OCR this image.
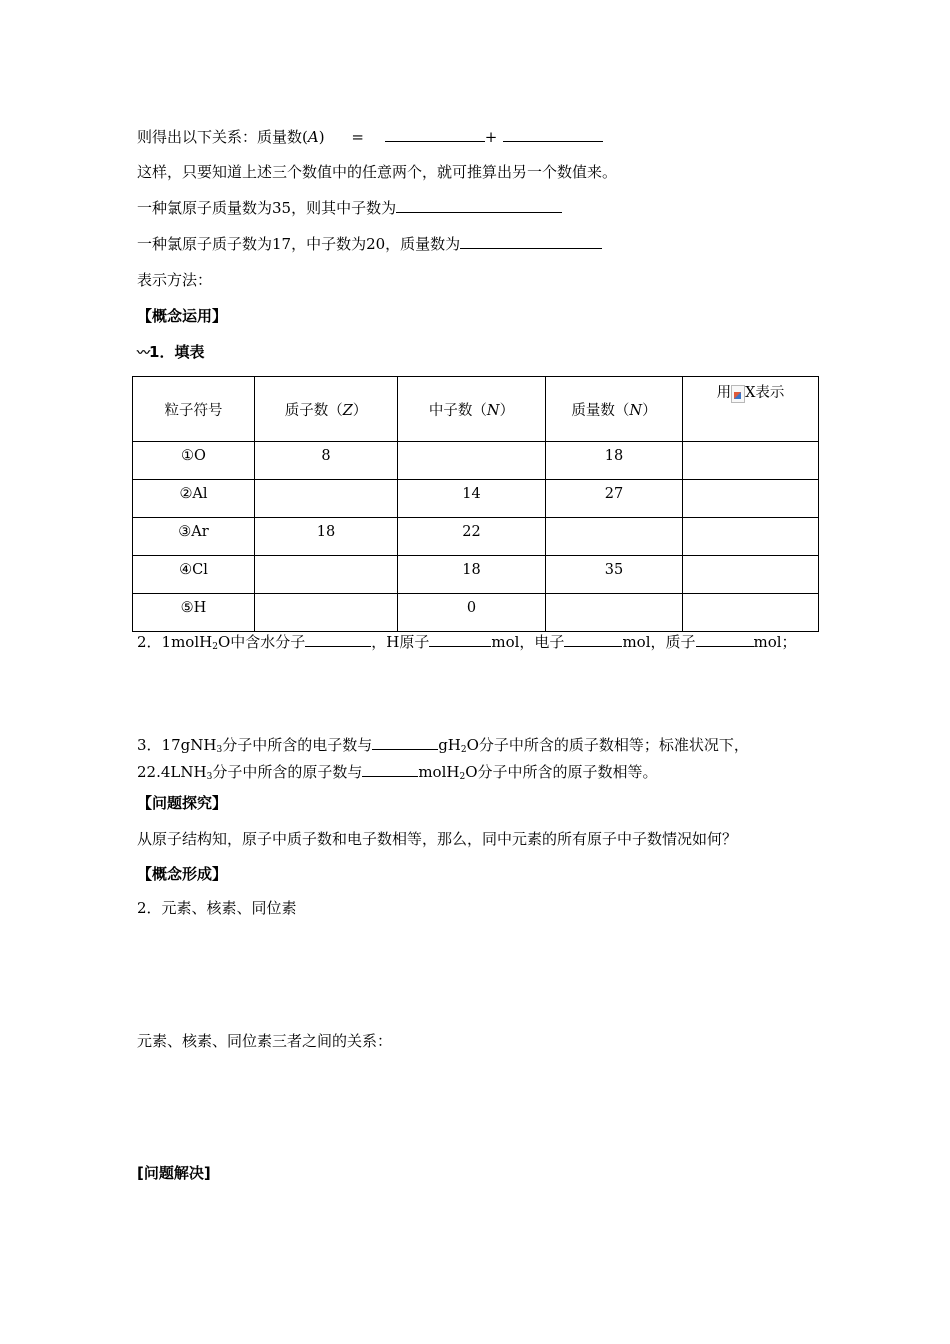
则得出以下关系：质量数(A) =	+
这样，只要知道上述三个数值中的任意两个，就可推算出另一个数值来。
一种氯原子质量数为35，则其中子数为
一种氯原子质子数为17，中子数为20，质量数为
表示方法：
【概念运用】
〰1．填表
粒子符号	质子数（Z）	中子数（N）	质量数（N）	用 X表示
①O	8		18	
②Al		14	27	
③Ar	18	22		
④Cl		18	35	
⑤H		0		
2．1molH$_2$O中含水分子	，H原子	mol，电子	mol，质子	mol；
3．17gNH$_3$分子中所含的电子数与	$gH_2O$分子中所含的质子数相等；标准状况下，
$22.4LNH_3$分子中所含的原子数与	molH$_2$O分子中所含的原子数相等。
【问题探究】
从原子结构知，原子中质子数和电子数相等，那么，同中元素的所有原子中子数情况如何？
【概念形成】
2．元素、核素、同位素
元素、核素、同位素三者之间的关系：
[问题解决]
